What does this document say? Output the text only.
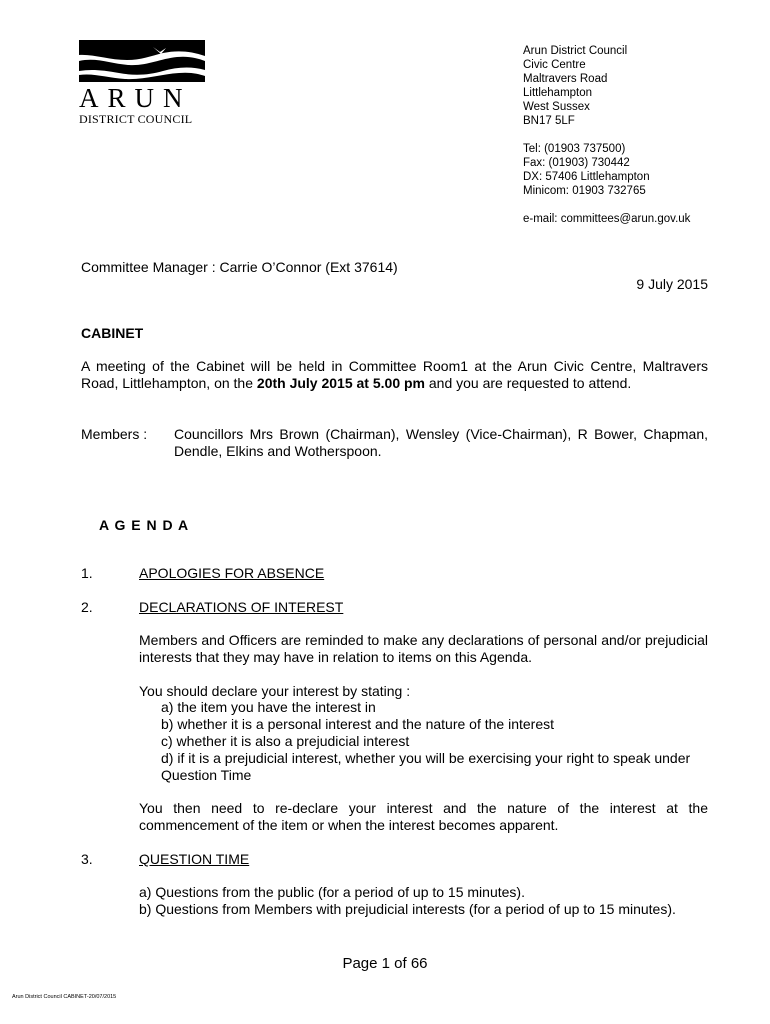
ARUN
DISTRICT COUNCIL
Arun District Council
Civic Centre
Maltravers Road
Littlehampton
West Sussex
BN17 5LF
Tel: (01903 737500)
Fax: (01903) 730442
DX: 57406 Littlehampton
Minicom: 01903 732765
e-mail: committees@arun.gov.uk
Committee Manager : Carrie O’Connor (Ext 37614)
9 July 2015
CABINET
A meeting of the Cabinet will be held in Committee Room1 at the Arun Civic Centre, Maltravers Road, Littlehampton, on the 20th July 2015 at 5.00 pm and you are requested to attend.
Members : Councillors Mrs Brown (Chairman), Wensley (Vice-Chairman), R Bower, Chapman, Dendle, Elkins and Wotherspoon.
A G E N D A
1.	APOLOGIES FOR ABSENCE
2.	DECLARATIONS OF INTEREST
Members and Officers are reminded to make any declarations of personal and/or prejudicial interests that they may have in relation to items on this Agenda.
You should declare your interest by stating :
a) the item you have the interest in
b) whether it is a personal interest and the nature of the interest
c) whether it is also a prejudicial interest
d) if it is a prejudicial interest, whether you will be exercising your right to speak under Question Time
You then need to re-declare your interest and the nature of the interest at the commencement of the item or when the interest becomes apparent.
3.	QUESTION TIME
a) Questions from the public (for a period of up to 15 minutes).
b) Questions from Members with prejudicial interests (for a period of up to 15 minutes).
Page 1 of 66
Arun District Council CABINET-20/07/2015
